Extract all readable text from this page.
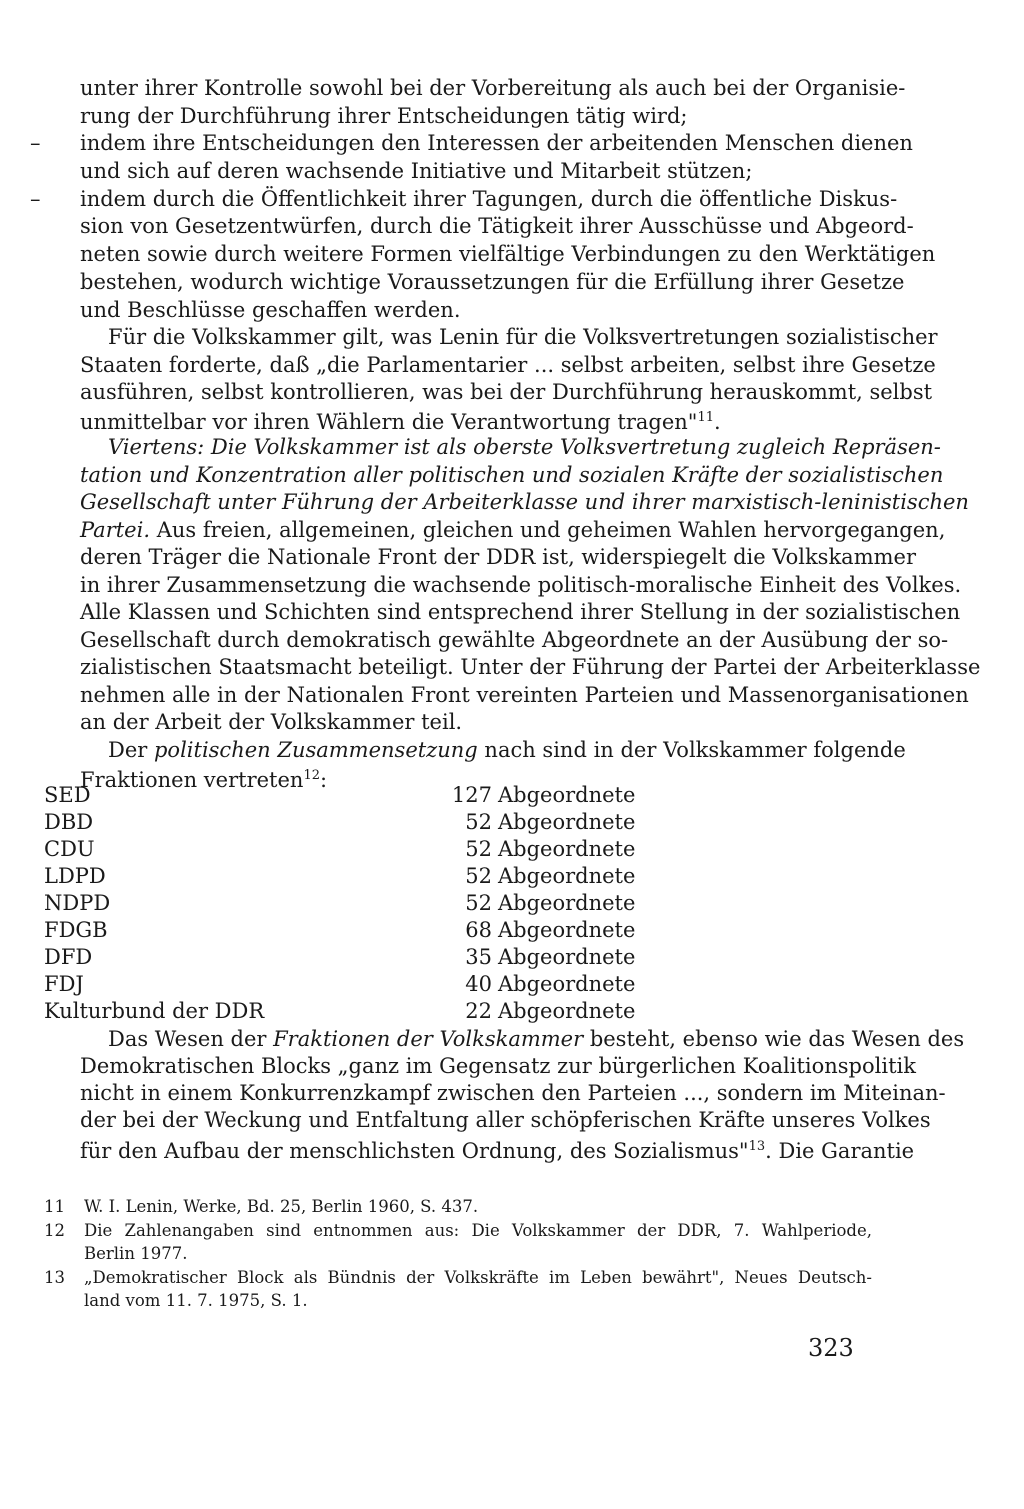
unter ihrer Kontrolle sowohl bei der Vorbereitung als auch bei der Organisie-
rung der Durchführung ihrer Entscheidungen tätig wird;
– indem ihre Entscheidungen den Interessen der arbeitenden Menschen dienen
und sich auf deren wachsende Initiative und Mitarbeit stützen;
– indem durch die Öffentlichkeit ihrer Tagungen, durch die öffentliche Diskus-
sion von Gesetzentwürfen, durch die Tätigkeit ihrer Ausschüsse und Abgeord-
neten sowie durch weitere Formen vielfältige Verbindungen zu den Werktätigen
bestehen, wodurch wichtige Voraussetzungen für die Erfüllung ihrer Gesetze
und Beschlüsse geschaffen werden.
Für die Volkskammer gilt, was Lenin für die Volksvertretungen sozialistischer
Staaten forderte, daß „die Parlamentarier ... selbst arbeiten, selbst ihre Gesetze
ausführen, selbst kontrollieren, was bei der Durchführung herauskommt, selbst
unmittelbar vor ihren Wählern die Verantwortung tragen"$^{11}$.
Viertens: Die Volkskammer ist als oberste Volksvertretung zugleich Repräsen-
tation und Konzentration aller politischen und sozialen Kräfte der sozialistischen
Gesellschaft unter Führung der Arbeiterklasse und ihrer marxistisch-leninistischen
Partei. Aus freien, allgemeinen, gleichen und geheimen Wahlen hervorgegangen,
deren Träger die Nationale Front der DDR ist, widerspiegelt die Volkskammer
in ihrer Zusammensetzung die wachsende politisch-moralische Einheit des Volkes.
Alle Klassen und Schichten sind entsprechend ihrer Stellung in der sozialistischen
Gesellschaft durch demokratisch gewählte Abgeordnete an der Ausübung der so-
zialistischen Staatsmacht beteiligt. Unter der Führung der Partei der Arbeiterklasse
nehmen alle in der Nationalen Front vereinten Parteien und Massenorganisationen
an der Arbeit der Volkskammer teil.
Der politischen Zusammensetzung nach sind in der Volkskammer folgende
Fraktionen vertreten$^{12}$:
SED	127 Abgeordnete
DBD	52 Abgeordnete
CDU	52 Abgeordnete
LDPD	52 Abgeordnete
NDPD	52 Abgeordnete
FDGB	68 Abgeordnete
DFD	35 Abgeordnete
FDJ	40 Abgeordnete
Kulturbund der DDR	22 Abgeordnete
Das Wesen der Fraktionen der Volkskammer besteht, ebenso wie das Wesen des
Demokratischen Blocks „ganz im Gegensatz zur bürgerlichen Koalitionspolitik
nicht in einem Konkurrenzkampf zwischen den Parteien ..., sondern im Miteinan-
der bei der Weckung und Entfaltung aller schöpferischen Kräfte unseres Volkes
für den Aufbau der menschlichsten Ordnung, des Sozialismus"$^{13}$. Die Garantie
11 W. I. Lenin, Werke, Bd. 25, Berlin 1960, S. 437.
12 Die Zahlenangaben sind entnommen aus: Die Volkskammer der DDR, 7. Wahlperiode,
Berlin 1977.
13 „Demokratischer Block als Bündnis der Volkskräfte im Leben bewährt", Neues Deutsch-
land vom 11. 7. 1975, S. 1.
323
